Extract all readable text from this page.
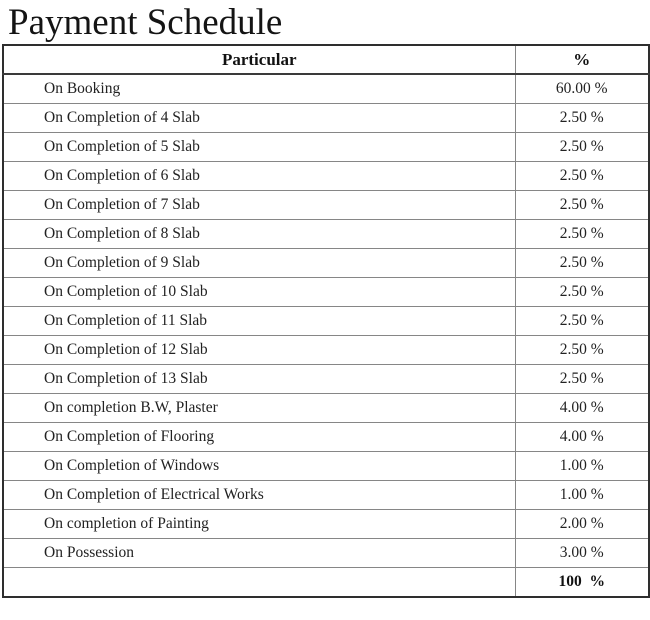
Payment Schedule
Particular	%
On Booking	60.00 %
On Completion of 4 Slab	2.50 %
On Completion of 5 Slab	2.50 %
On Completion of 6 Slab	2.50 %
On Completion of 7 Slab	2.50 %
On Completion of 8 Slab	2.50 %
On Completion of 9 Slab	2.50 %
On Completion of 10 Slab	2.50 %
On Completion of 11 Slab	2.50 %
On Completion of 12 Slab	2.50 %
On Completion of 13 Slab	2.50 %
On completion B.W, Plaster	4.00 %
On Completion of Flooring	4.00 %
On Completion of Windows	1.00 %
On Completion of Electrical Works	1.00 %
On completion of Painting	2.00 %
On Possession	3.00 %
	100  %
